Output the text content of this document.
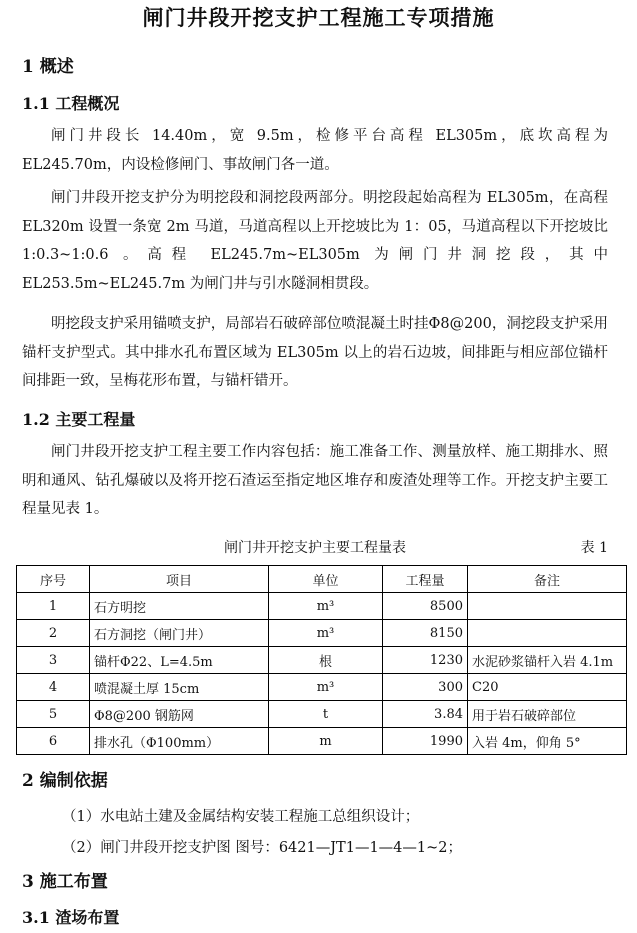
闸门井段开挖支护工程施工专项措施
1 概述
1.1 工程概况
闸门井段长 14.40m，宽 9.5m，检修平台高程 EL305m，底坎高程为 EL245.70m，内设检修闸门、事故闸门各一道。
闸门井段开挖支护分为明挖段和洞挖段两部分。明挖段起始高程为 EL305m，在高程 EL320m 设置一条宽 2m 马道，马道高程以上开挖坡比为 1：05，马道高程以下开挖坡比 1:0.3~1:0.6 。高程 EL245.7m~EL305m 为闸门井洞挖段，其中EL253.5m~EL245.7m 为闸门井与引水隧洞相贯段。
明挖段支护采用锚喷支护，局部岩石破碎部位喷混凝土时挂Φ8@200，洞挖段支护采用锚杆支护型式。其中排水孔布置区域为 EL305m 以上的岩石边坡，间排距与相应部位锚杆间排距一致，呈梅花形布置，与锚杆错开。
1.2 主要工程量
闸门井段开挖支护工程主要工作内容包括：施工准备工作、测量放样、施工期排水、照明和通风、钻孔爆破以及将开挖石渣运至指定地区堆存和废渣处理等工作。开挖支护主要工程量见表 1。
闸门井开挖支护主要工程量表	表 1
序号	项目	单位	工程量	备注
1	石方明挖	m³	8500	
2	石方洞挖（闸门井）	m³	8150	
3	锚杆Φ22、L=4.5m	根	1230	水泥砂浆锚杆入岩 4.1m
4	喷混凝土厚 15cm	m³	300	C20
5	Φ8@200 钢筋网	t	3.84	用于岩石破碎部位
6	排水孔（Φ100mm）	m	1990	入岩 4m，仰角 5°
2 编制依据
（1）水电站土建及金属结构安装工程施工总组织设计；
（2）闸门井段开挖支护图 图号：6421—JT1—1—4—1~2；
3 施工布置
3.1 渣场布置
